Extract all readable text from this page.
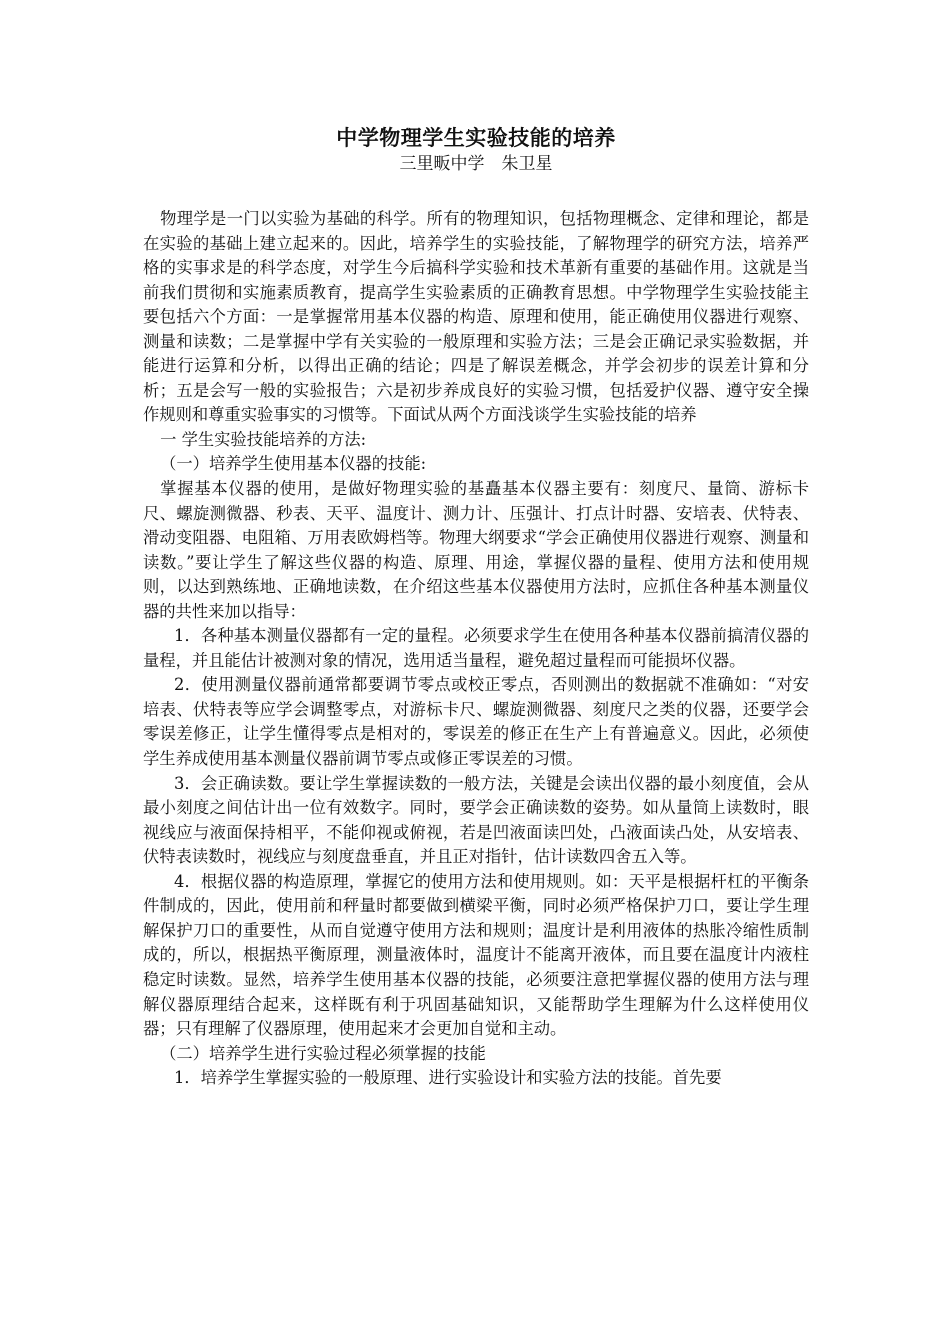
中学物理学生实验技能的培养
三里畈中学　朱卫星

物理学是一门以实验为基础的科学。所有的物理知识，包括物理概念、定律和理论，都是在实验的基础上建立起来的。因此，培养学生的实验技能，了解物理学的研究方法，培养严格的实事求是的科学态度，对学生今后搞科学实验和技术革新有重要的基础作用。这就是当前我们贯彻和实施素质教育，提高学生实验素质的正确教育思想。中学物理学生实验技能主要包括六个方面：一是掌握常用基本仪器的构造、原理和使用，能正确使用仪器进行观察、测量和读数；二是掌握中学有关实验的一般原理和实验方法；三是会正确记录实验数据，并能进行运算和分析，以得出正确的结论；四是了解误差概念，并学会初步的误差计算和分析；五是会写一般的实验报告；六是初步养成良好的实验习惯，包括爱护仪器、遵守安全操作规则和尊重实验事实的习惯等。下面试从两个方面浅谈学生实验技能的培养

一 学生实验技能培养的方法:

（一）培养学生使用基本仪器的技能:

掌握基本仪器的使用，是做好物理实验的基矗基本仪器主要有：刻度尺、量筒、游标卡尺、螺旋测微器、秒表、天平、温度计、测力计、压强计、打点计时器、安培表、伏特表、滑动变阻器、电阻箱、万用表欧姆档等。物理大纲要求“学会正确使用仪器进行观察、测量和读数。”要让学生了解这些仪器的构造、原理、用途，掌握仪器的量程、使用方法和使用规则，以达到熟练地、正确地读数，在介绍这些基本仪器使用方法时，应抓住各种基本测量仪器的共性来加以指导：

1．各种基本测量仪器都有一定的量程。必须要求学生在使用各种基本仪器前搞清仪器的量程，并且能估计被测对象的情况，选用适当量程，避免超过量程而可能损坏仪器。

2．使用测量仪器前通常都要调节零点或校正零点，否则测出的数据就不准确如：“对安培表、伏特表等应学会调整零点，对游标卡尺、螺旋测微器、刻度尺之类的仪器，还要学会零误差修正，让学生懂得零点是相对的，零误差的修正在生产上有普遍意义。因此，必须使学生养成使用基本测量仪器前调节零点或修正零误差的习惯。

3．会正确读数。要让学生掌握读数的一般方法，关键是会读出仪器的最小刻度值，会从最小刻度之间估计出一位有效数字。同时，要学会正确读数的姿势。如从量筒上读数时，眼视线应与液面保持相平，不能仰视或俯视，若是凹液面读凹处，凸液面读凸处，从安培表、伏特表读数时，视线应与刻度盘垂直，并且正对指针，估计读数四舍五入等。

4．根据仪器的构造原理，掌握它的使用方法和使用规则。如：天平是根据杆杠的平衡条件制成的，因此，使用前和秤量时都要做到横梁平衡，同时必须严格保护刀口，要让学生理解保护刀口的重要性，从而自觉遵守使用方法和规则；温度计是利用液体的热胀冷缩性质制成的，所以，根据热平衡原理，测量液体时，温度计不能离开液体，而且要在温度计内液柱稳定时读数。显然，培养学生使用基本仪器的技能，必须要注意把掌握仪器的使用方法与理解仪器原理结合起来，这样既有利于巩固基础知识，又能帮助学生理解为什么这样使用仪器；只有理解了仪器原理，使用起来才会更加自觉和主动。

（二）培养学生进行实验过程必须掌握的技能

1．培养学生掌握实验的一般原理、进行实验设计和实验方法的技能。首先要
